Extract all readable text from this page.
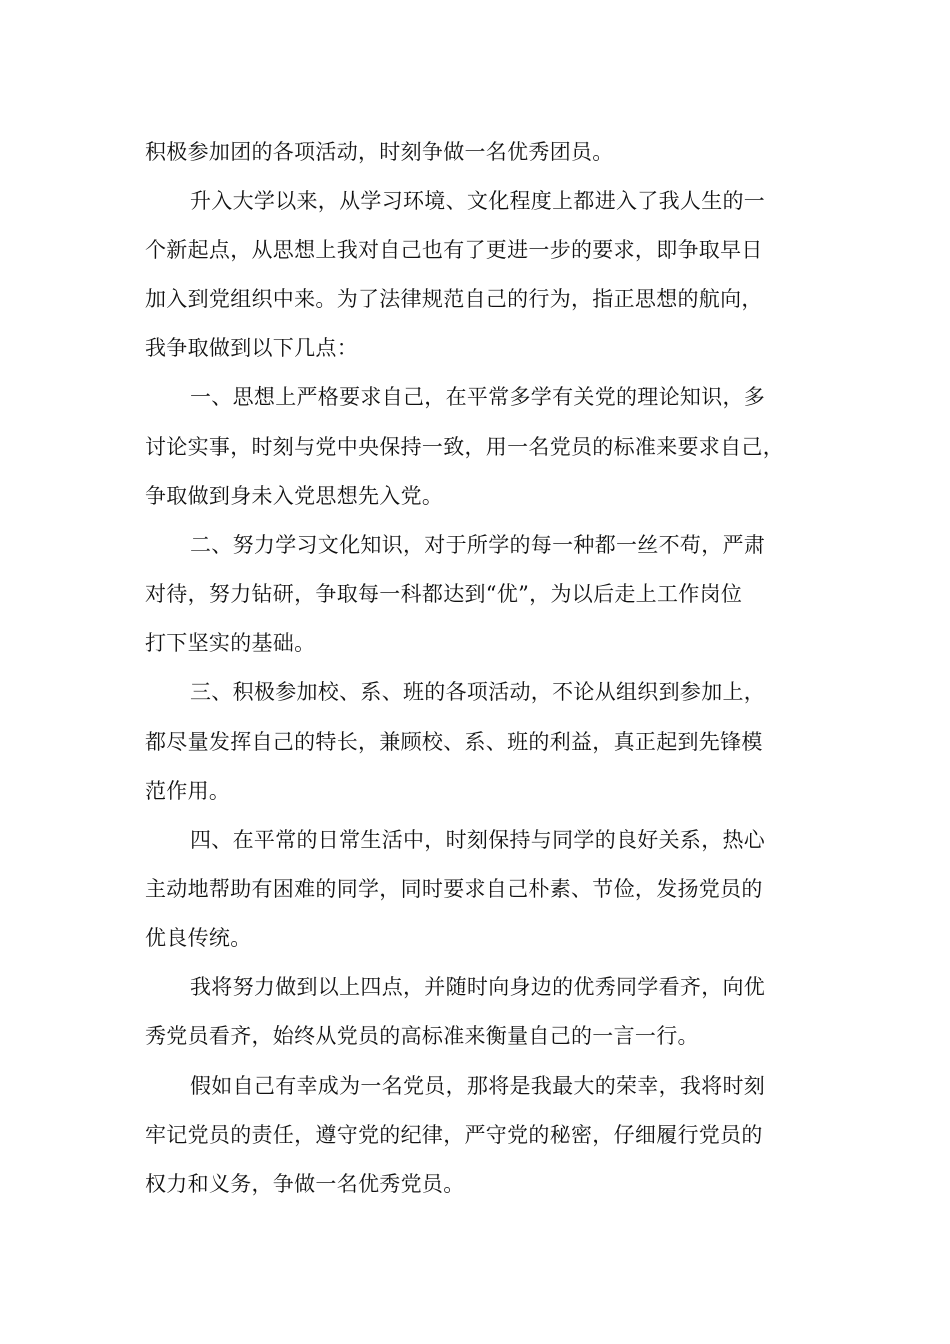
积极参加团的各项活动，时刻争做一名优秀团员。
升入大学以来，从学习环境、文化程度上都进入了我人生的一
个新起点，从思想上我对自己也有了更进一步的要求，即争取早日
加入到党组织中来。为了法律规范自己的行为，指正思想的航向，
我争取做到以下几点：
一、思想上严格要求自己，在平常多学有关党的理论知识，多
讨论实事，时刻与党中央保持一致，用一名党员的标准来要求自己，
争取做到身未入党思想先入党。
二、努力学习文化知识，对于所学的每一种都一丝不苟，严肃
对待，努力钻研，争取每一科都达到“优”，为以后走上工作岗位
打下坚实的基础。
三、积极参加校、系、班的各项活动，不论从组织到参加上，
都尽量发挥自己的特长，兼顾校、系、班的利益，真正起到先锋模
范作用。
四、在平常的日常生活中，时刻保持与同学的良好关系，热心
主动地帮助有困难的同学，同时要求自己朴素、节俭，发扬党员的
优良传统。
我将努力做到以上四点，并随时向身边的优秀同学看齐，向优
秀党员看齐，始终从党员的高标准来衡量自己的一言一行。
假如自己有幸成为一名党员，那将是我最大的荣幸，我将时刻
牢记党员的责任，遵守党的纪律，严守党的秘密，仔细履行党员的
权力和义务，争做一名优秀党员。
